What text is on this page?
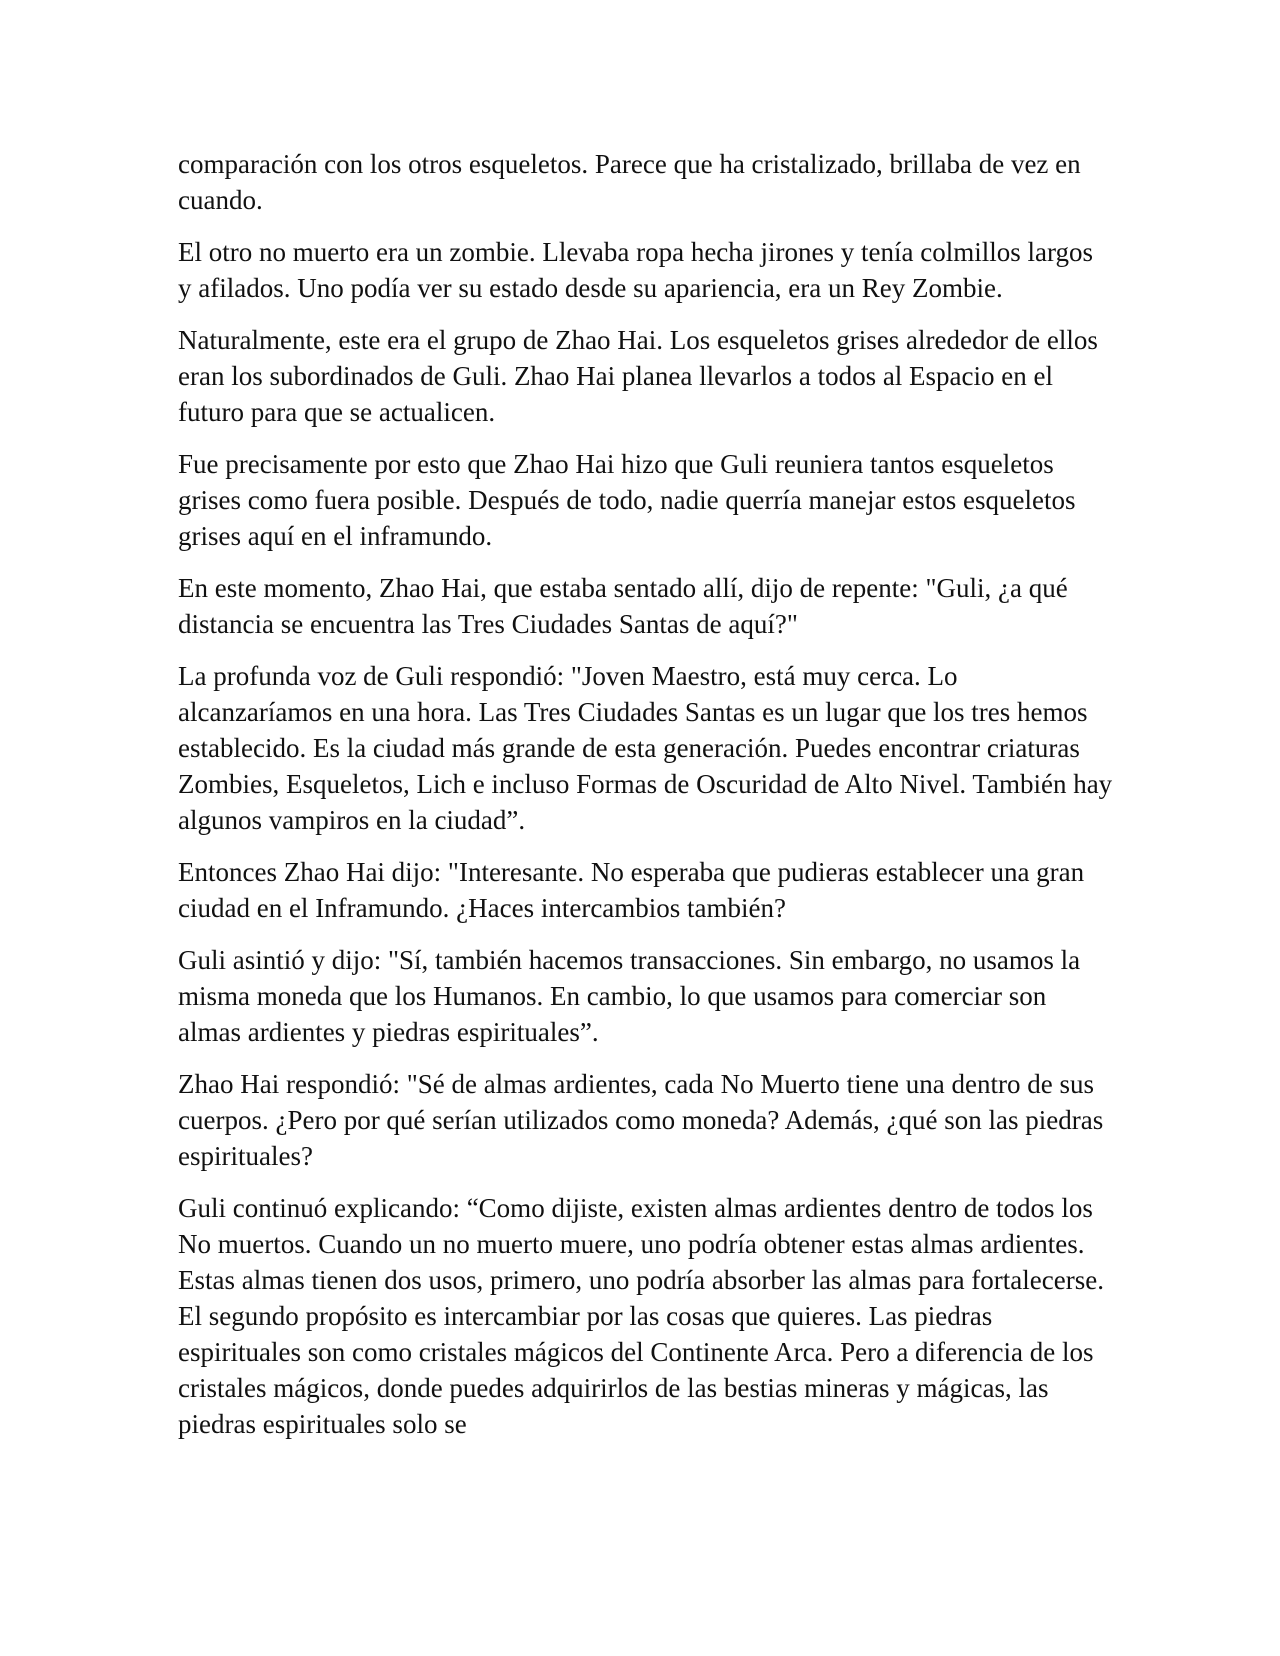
comparación con los otros esqueletos. Parece que ha cristalizado, brillaba de vez en cuando.

El otro no muerto era un zombie. Llevaba ropa hecha jirones y tenía colmillos largos y afilados. Uno podía ver su estado desde su apariencia, era un Rey Zombie.

Naturalmente, este era el grupo de Zhao Hai. Los esqueletos grises alrededor de ellos eran los subordinados de Guli. Zhao Hai planea llevarlos a todos al Espacio en el futuro para que se actualicen.

Fue precisamente por esto que Zhao Hai hizo que Guli reuniera tantos esqueletos grises como fuera posible. Después de todo, nadie querría manejar estos esqueletos grises aquí en el inframundo.

En este momento, Zhao Hai, que estaba sentado allí, dijo de repente: "Guli, ¿a qué distancia se encuentra las Tres Ciudades Santas de aquí?"

La profunda voz de Guli respondió: "Joven Maestro, está muy cerca. Lo alcanzaríamos en una hora. Las Tres Ciudades Santas es un lugar que los tres hemos establecido. Es la ciudad más grande de esta generación. Puedes encontrar criaturas Zombies, Esqueletos, Lich e incluso Formas de Oscuridad de Alto Nivel. También hay algunos vampiros en la ciudad”.

Entonces Zhao Hai dijo: "Interesante. No esperaba que pudieras establecer una gran ciudad en el Inframundo. ¿Haces intercambios también?

Guli asintió y dijo: "Sí, también hacemos transacciones. Sin embargo, no usamos la misma moneda que los Humanos. En cambio, lo que usamos para comerciar son almas ardientes y piedras espirituales”.

Zhao Hai respondió: "Sé de almas ardientes, cada No Muerto tiene una dentro de sus cuerpos. ¿Pero por qué serían utilizados como moneda? Además, ¿qué son las piedras espirituales?

Guli continuó explicando: “Como dijiste, existen almas ardientes dentro de todos los No muertos. Cuando un no muerto muere, uno podría obtener estas almas ardientes. Estas almas tienen dos usos, primero, uno podría absorber las almas para fortalecerse. El segundo propósito es intercambiar por las cosas que quieres. Las piedras espirituales son como cristales mágicos del Continente Arca. Pero a diferencia de los cristales mágicos, donde puedes adquirirlos de las bestias mineras y mágicas, las piedras espirituales solo se
